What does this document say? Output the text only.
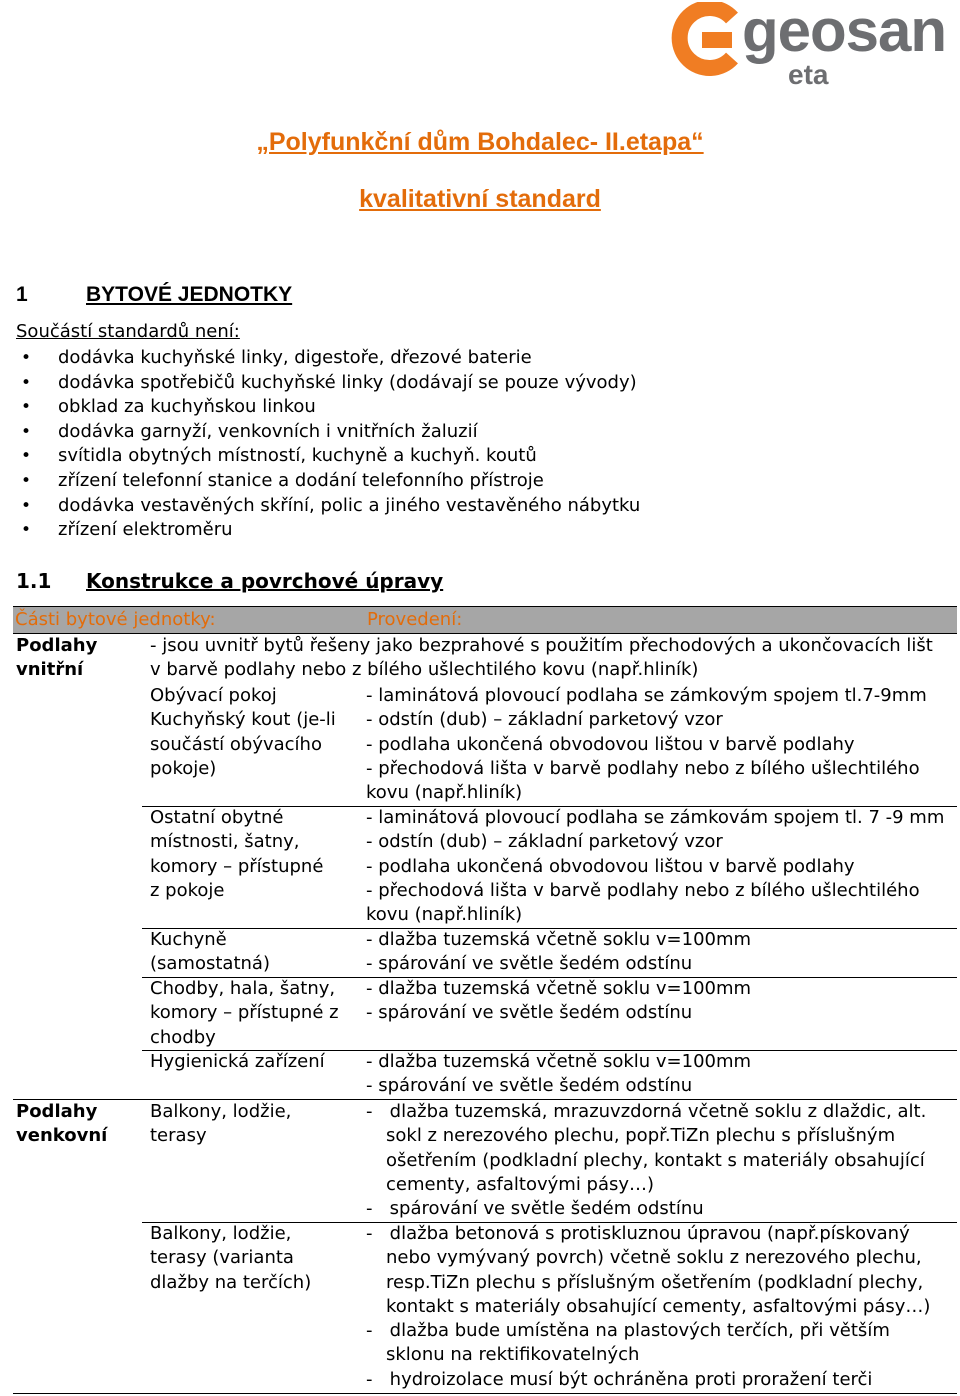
geosan
eta
„Polyfunkční dům Bohdalec- II.etapa“
kvalitativní standard
1	BYTOVÉ JEDNOTKY
Součástí standardů není:
• dodávka kuchyňské linky, digestoře, dřezové baterie
• dodávka spotřebičů kuchyňské linky (dodávají se pouze vývody)
• obklad za kuchyňskou linkou
• dodávka garnyží, venkovních i vnitřních žaluzií
• svítidla obytných místností, kuchyně a kuchyň. koutů
• zřízení telefonní stanice a dodání telefonního přístroje
• dodávka vestavěných skříní, polic a jiného vestavěného nábytku
• zřízení elektroměru
1.1 Konstrukce a povrchové úpravy
Části bytové jednotky:	Provedení:
Podlahy
vnitřní
- jsou uvnitř bytů řešeny jako bezprahové s použitím přechodových a ukončovacích lišt
v barvě podlahy nebo z bílého ušlechtilého kovu (např.hliník)
Obývací pokoj
Kuchyňský kout (je-li
součástí obývacího
pokoje)
- laminátová plovoucí podlaha se zámkovým spojem tl.7-9mm
- odstín (dub) – základní parketový vzor
- podlaha ukončená obvodovou lištou v barvě podlahy
- přechodová lišta v barvě podlahy nebo z bílého ušlechtilého
kovu (např.hliník)
Ostatní obytné
místnosti, šatny,
komory – přístupné
z pokoje
- laminátová plovoucí podlaha se zámkovám spojem tl. 7 -9 mm
- odstín (dub) – základní parketový vzor
- podlaha ukončená obvodovou lištou v barvě podlahy
- přechodová lišta v barvě podlahy nebo z bílého ušlechtilého
kovu (např.hliník)
Kuchyně
(samostatná)
- dlažba tuzemská včetně soklu v=100mm
- spárování ve světle šedém odstínu
Chodby, hala, šatny,
komory – přístupné z
chodby
- dlažba tuzemská včetně soklu v=100mm
- spárování ve světle šedém odstínu
Hygienická zařízení - dlažba tuzemská včetně soklu v=100mm
- spárování ve světle šedém odstínu
Podlahy
venkovní
Balkony, lodžie,
terasy
-   dlažba tuzemská, mrazuvzdorná včetně soklu z dlaždic, alt. sokl z nerezového plechu, popř.TiZn plechu s příslušným ošetřením (podkladní plechy, kontakt s materiály obsahující cementy, asfaltovými pásy…)
-   spárování ve světle šedém odstínu
Balkony, lodžie,
terasy (varianta
dlažby na terčích)
-   dlažba betonová s protiskluznou úpravou (např.pískovaný nebo vymývaný povrch) včetně soklu z nerezového plechu, resp.TiZn plechu s příslušným ošetřením (podkladní plechy, kontakt s materiály obsahující cementy, asfaltovými pásy…)
-   dlažba bude umístěna na plastových terčích, při větším sklonu na rektifikovatelných
-   hydroizolace musí být ochráněna proti proražení terči
